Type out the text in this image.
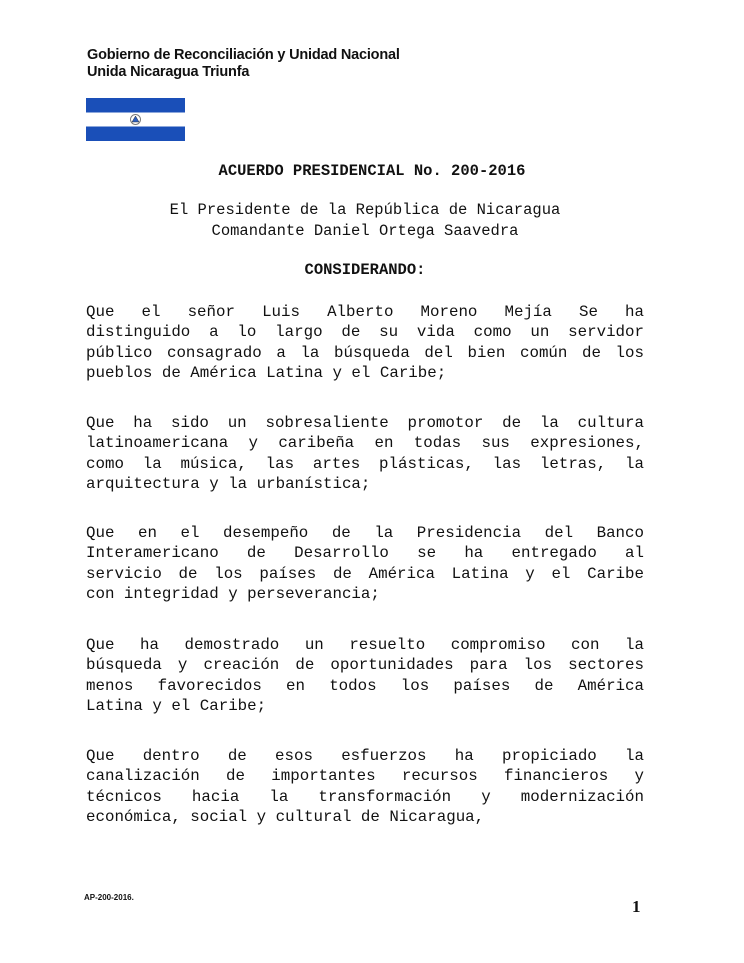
Gobierno de Reconciliación y Unidad Nacional
Unida Nicaragua Triunfa
ACUERDO PRESIDENCIAL No. 200-2016
El Presidente de la República de Nicaragua
Comandante Daniel Ortega Saavedra
CONSIDERANDO:
Que el señor Luis Alberto Moreno Mejía Se ha
distinguido a lo largo de su vida como un servidor
público consagrado a la búsqueda del bien común de los
pueblos de América Latina y el Caribe;
Que ha sido un sobresaliente promotor de la cultura
latinoamericana y caribeña en todas sus expresiones,
como la música, las artes plásticas, las letras, la
arquitectura y la urbanística;
Que en el desempeño de la Presidencia del Banco
Interamericano de Desarrollo se ha entregado al
servicio de los países de América Latina y el Caribe
con integridad y perseverancia;
Que ha demostrado un resuelto compromiso con la
búsqueda y creación de oportunidades para los sectores
menos favorecidos en todos los países de América
Latina y el Caribe;
Que dentro de esos esfuerzos ha propiciado la
canalización de importantes recursos financieros y
técnicos hacia la transformación y modernización
económica, social y cultural de Nicaragua,
AP-200-2016.	1
